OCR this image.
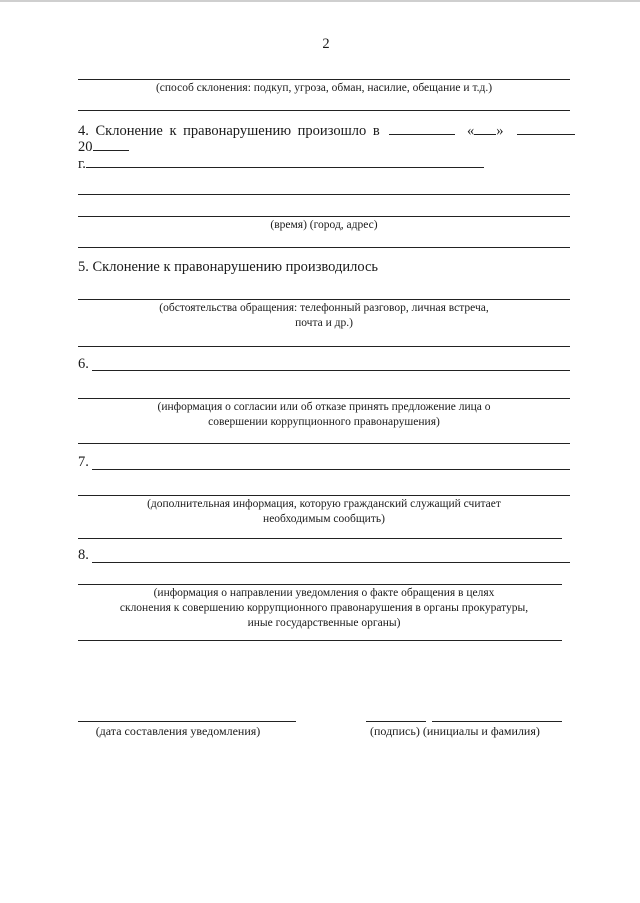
2
(способ склонения: подкуп, угроза, обман, насилие, обещание и т.д.)
4. Склонение к правонарушению произошло в	« »
20
г.
(время) (город, адрес)
5. Склонение к правонарушению производилось
(обстоятельства обращения: телефонный разговор, личная встреча,
почта и др.)
6.
(информация о согласии или об отказе принять предложение лица о
совершении коррупционного правонарушения)
7.
(дополнительная информация, которую гражданский служащий считает
необходимым сообщить)
8.
(информация о направлении уведомления о факте обращения в целях
склонения к совершению коррупционного правонарушения в органы прокуратуры,
иные государственные органы)
(дата составления уведомления)	(подпись) (инициалы и фамилия)
